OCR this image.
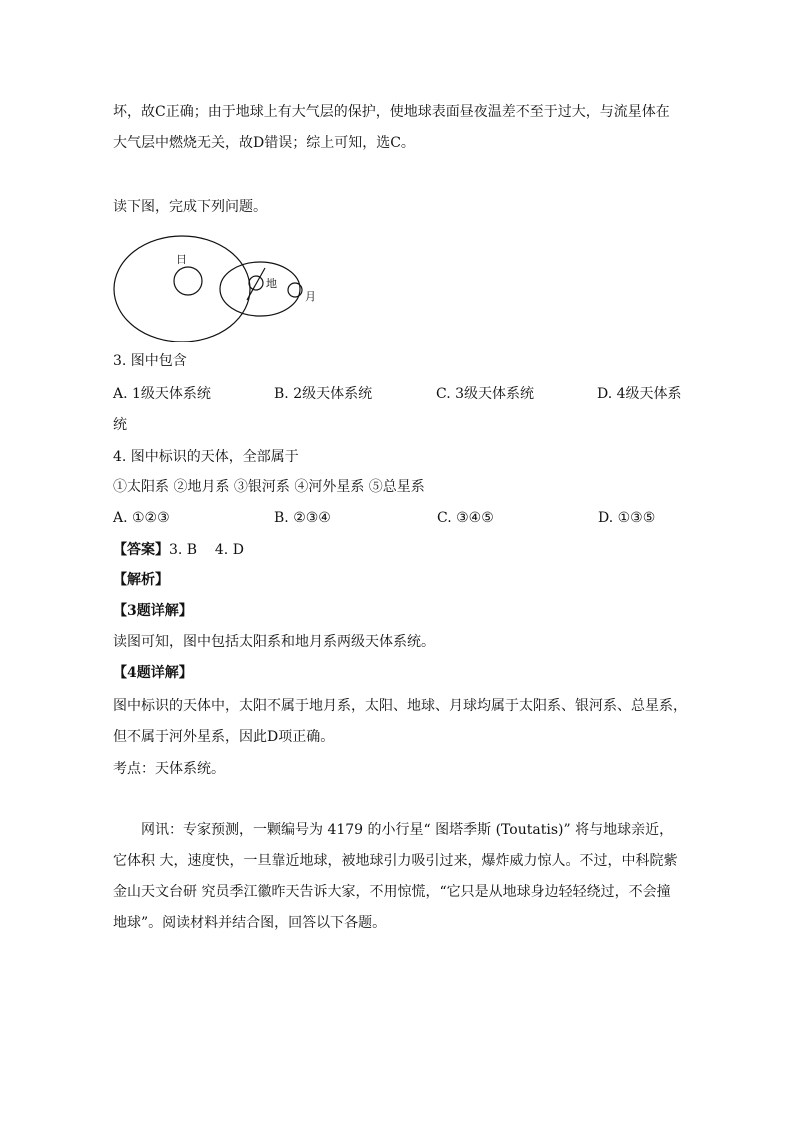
坏，故C正确；由于地球上有大气层的保护，使地球表面昼夜温差不至于过大，与流星体在
大气层中燃烧无关，故D错误；综上可知，选C。
读下图，完成下列问题。
日
地
月
3. 图中包含
A. 1级天体系统	B. 2级天体系统	C. 3级天体系统	D. 4级天体系
统
4. 图中标识的天体，全部属于
①太阳系 ②地月系 ③银河系 ④河外星系 ⑤总星系
A. ①②③	B. ②③④	C. ③④⑤	D. ①③⑤
【答案】3. B    4. D
【解析】
【3题详解】
读图可知，图中包括太阳系和地月系两级天体系统。
【4题详解】
图中标识的天体中，太阳不属于地月系，太阳、地球、月球均属于太阳系、银河系、总星系，
但不属于河外星系，因此D项正确。
考点：天体系统。
网讯：专家预测，一颗编号为 4179 的小行星“ 图塔季斯 (Toutatis)” 将与地球亲近，
它体积 大，速度快，一旦靠近地球，被地球引力吸引过来，爆炸威力惊人。不过，中科院紫
金山天文台研 究员季江徽昨天告诉大家，不用惊慌，“它只是从地球身边轻轻绕过，不会撞
地球”。阅读材料并结合图，回答以下各题。
